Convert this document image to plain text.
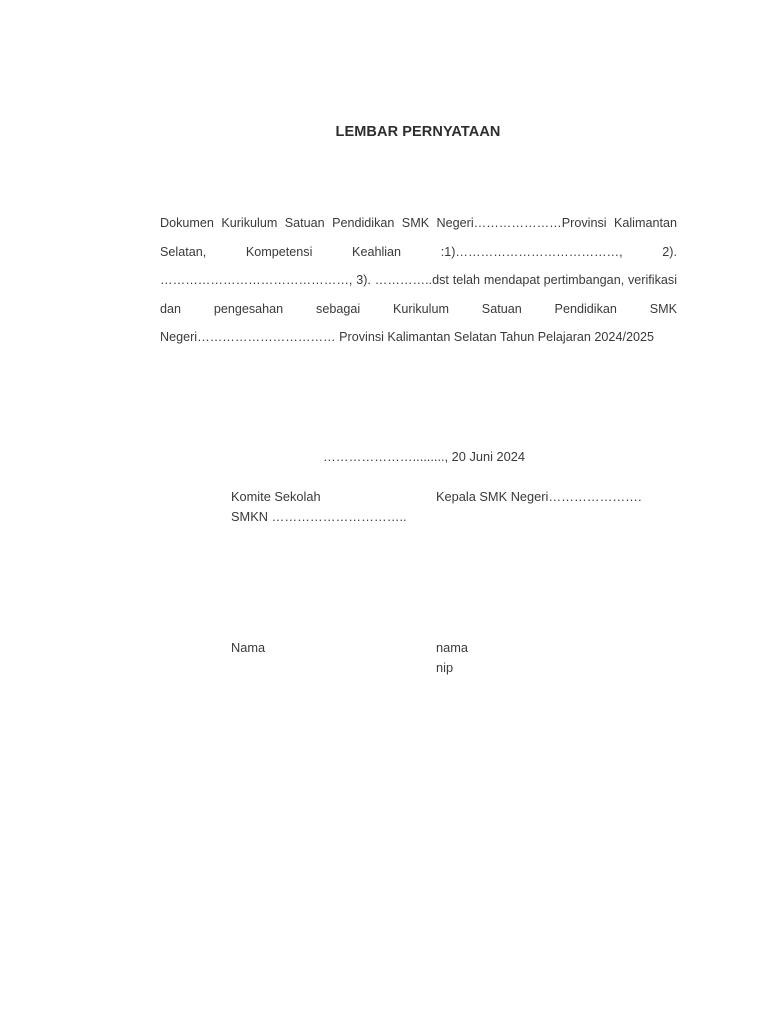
LEMBAR PERNYATAAN

Dokumen Kurikulum Satuan Pendidikan SMK Negeri…………………Provinsi Kalimantan Selatan, Kompetensi Keahlian :1)…………………………………, 2). ………………………………………, 3). …………..dst telah mendapat pertimbangan, verifikasi dan pengesahan sebagai Kurikulum Satuan Pendidikan SMK Negeri…………………………… Provinsi Kalimantan Selatan Tahun Pelajaran 2024/2025

…………………........., 20 Juni 2024
Komite Sekolah
SMKN …………………………..
Kepala SMK Negeri………………….
Nama	nama
nip
